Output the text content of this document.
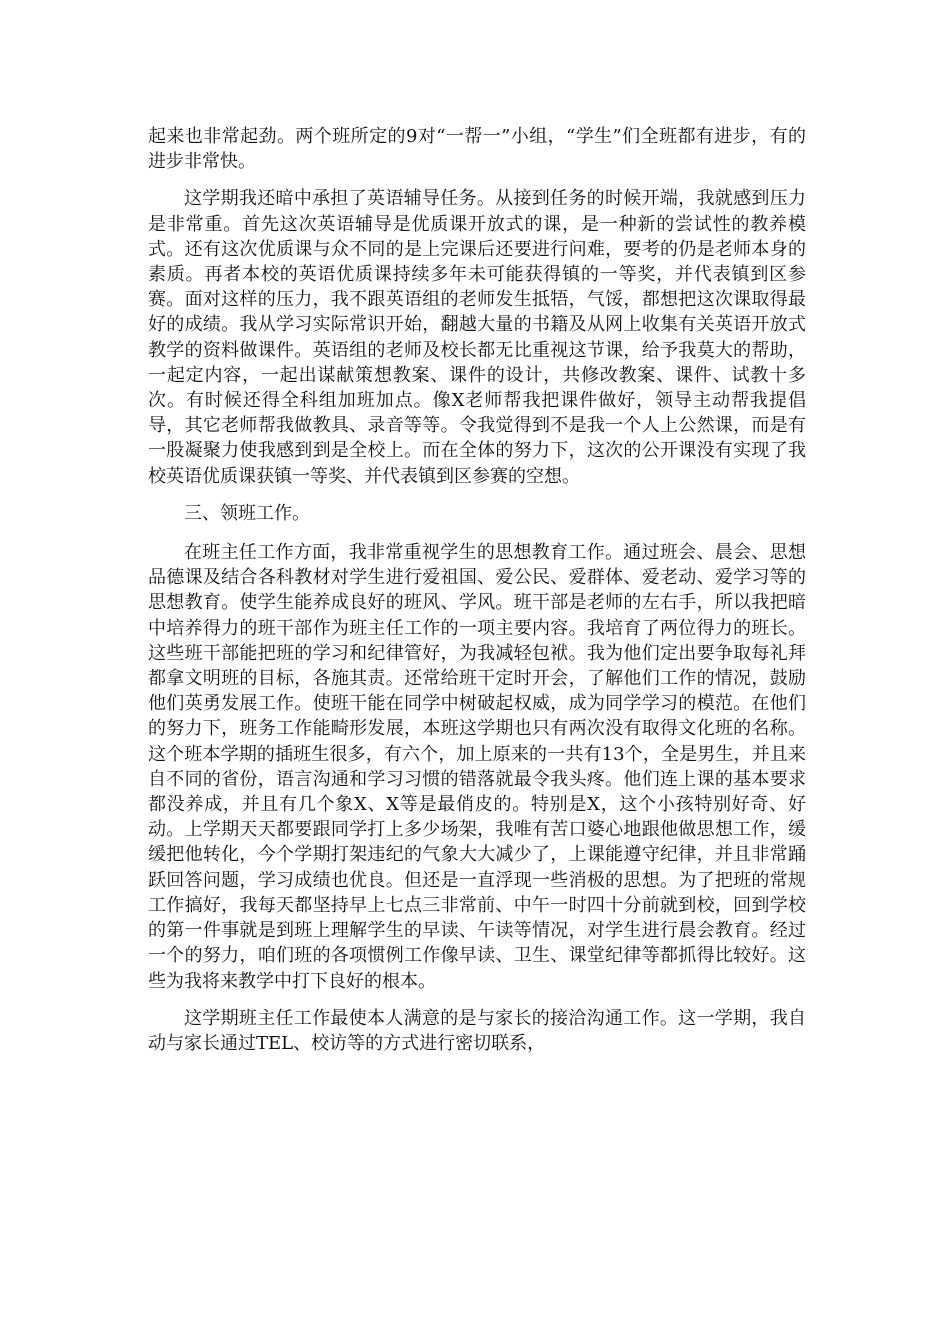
起来也非常起劲。两个班所定的9对“一帮一”小组，“学生”们全班都有进步，有的进步非常快。

这学期我还暗中承担了英语辅导任务。从接到任务的时候开端，我就感到压力是非常重。首先这次英语辅导是优质课开放式的课，是一种新的尝试性的教养模式。还有这次优质课与众不同的是上完课后还要进行问难，要考的仍是老师本身的素质。再者本校的英语优质课持续多年未可能获得镇的一等奖，并代表镇到区参赛。面对这样的压力，我不跟英语组的老师发生抵牾，气馁，都想把这次课取得最好的成绩。我从学习实际常识开始，翻越大量的书籍及从网上收集有关英语开放式教学的资料做课件。英语组的老师及校长都无比重视这节课，给予我莫大的帮助，一起定内容，一起出谋献策想教案、课件的设计，共修改教案、课件、试教十多次。有时候还得全科组加班加点。像X老师帮我把课件做好，领导主动帮我提倡导，其它老师帮我做教具、录音等等。令我觉得到不是我一个人上公然课，而是有一股凝聚力使我感到到是全校上。而在全体的努力下，这次的公开课没有实现了我校英语优质课获镇一等奖、并代表镇到区参赛的空想。

三、领班工作。

在班主任工作方面，我非常重视学生的思想教育工作。通过班会、晨会、思想品德课及结合各科教材对学生进行爱祖国、爱公民、爱群体、爱老动、爱学习等的思想教育。使学生能养成良好的班风、学风。班干部是老师的左右手，所以我把暗中培养得力的班干部作为班主任工作的一项主要内容。我培育了两位得力的班长。这些班干部能把班的学习和纪律管好，为我减轻包袱。我为他们定出要争取每礼拜都拿文明班的目标，各施其责。还常给班干定时开会，了解他们工作的情况，鼓励他们英勇发展工作。使班干能在同学中树破起权威，成为同学学习的模范。在他们的努力下，班务工作能畸形发展，本班这学期也只有两次没有取得文化班的名称。这个班本学期的插班生很多，有六个，加上原来的一共有13个，全是男生，并且来自不同的省份，语言沟通和学习习惯的错落就最令我头疼。他们连上课的基本要求都没养成，并且有几个象X、X等是最俏皮的。特别是X，这个小孩特别好奇、好动。上学期天天都要跟同学打上多少场架，我唯有苦口婆心地跟他做思想工作，缓缓把他转化，今个学期打架违纪的气象大大减少了，上课能遵守纪律，并且非常踊跃回答问题，学习成绩也优良。但还是一直浮现一些消极的思想。为了把班的常规工作搞好，我每天都坚持早上七点三非常前、中午一时四十分前就到校，回到学校的第一件事就是到班上理解学生的早读、午读等情况，对学生进行晨会教育。经过一个的努力，咱们班的各项惯例工作像早读、卫生、课堂纪律等都抓得比较好。这些为我将来教学中打下良好的根本。

这学期班主任工作最使本人满意的是与家长的接洽沟通工作。这一学期，我自动与家长通过TEL、校访等的方式进行密切联系，
